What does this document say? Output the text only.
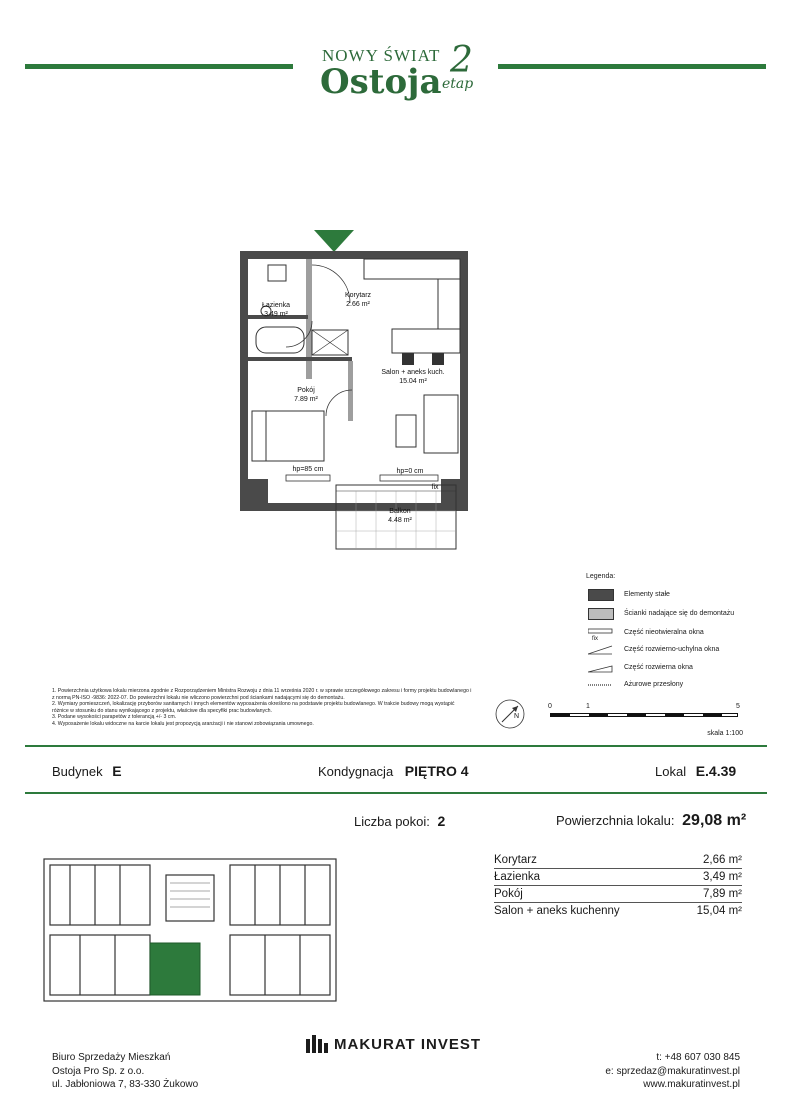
NOWY ŚWIAT
Ostoja
2
etap
Łazienka
3.49 m²
Korytarz
2.66 m²
Salon + aneks kuch.
15.04 m²
Pokój
7.89 m²
Balkon
4.48 m²
hp=85 cm	hp=0 cm
fix
Legenda:
Elementy stałe
Ścianki nadające się do demontażu
fix
Część nieotwieralna okna
Część rozwierno-uchylna okna
Część rozwierna okna
Ażurowe przesłony

1. Powierzchnia użytkowa lokalu mierzona zgodnie z Rozporządzeniem Ministra Rozwoju z dnia 11 września 2020 r. w sprawie szczegółowego zakresu i formy projektu budowlanego i z normą PN-ISO -9836: 2022-07. Do powierzchni lokalu nie wliczono powierzchni pod ściankami nadającymi się do demontażu.

2. Wymiary pomieszczeń, lokalizację przyborów sanitarnych i innych elementów wyposażenia określono na podstawie projektu budowlanego. W trakcie budowy mogą wystąpić różnice w stosunku do stanu wynikającego z projektu, właściwe dla specyfiki prac budowlanych.

3. Podane wysokości parapetów z tolerancją +/- 3 cm.

4. Wyposażenie lokalu widoczne na karcie lokalu jest propozycją aranżacji i nie stanowi zobowiązania umownego.

N
0	1	5
skala 1:100
Budynek E	Kondygnacja PIĘTRO 4	Lokal E.4.39
Liczba pokoi: 2	Powierzchnia lokalu: 29,08 m²
Korytarz	2,66 m²
Łazienka	3,49 m²
Pokój	7,89 m²
Salon + aneks kuchenny	15,04 m²
MAKURAT INVEST
Biuro Sprzedaży Mieszkań
Ostoja Pro Sp. z o.o.
ul. Jabłoniowa 7, 83-330 Żukowo
t: +48 607 030 845
e: sprzedaz@makuratinvest.pl
www.makuratinvest.pl
